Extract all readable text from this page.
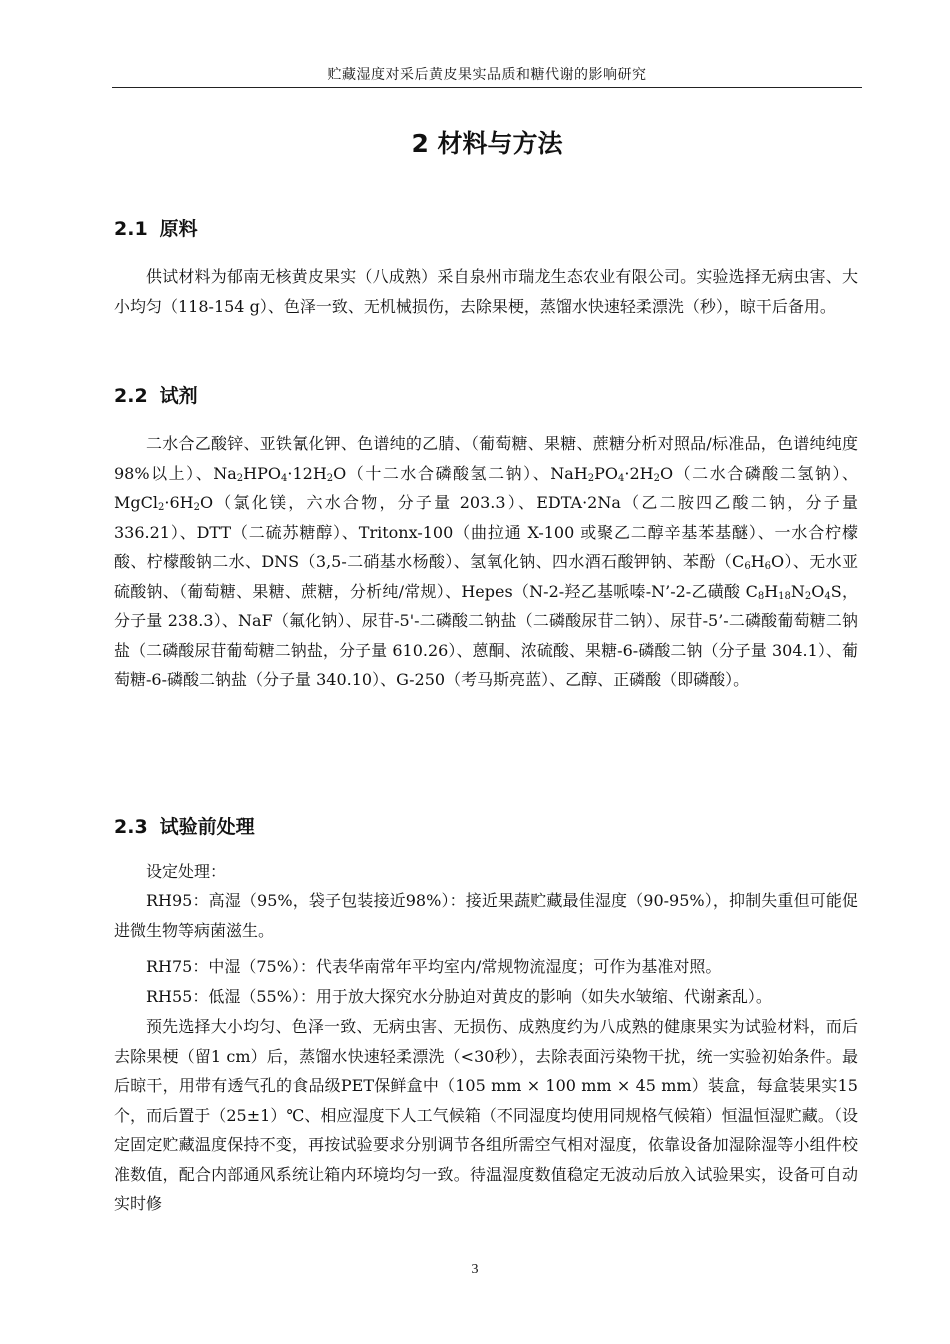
贮藏湿度对采后黄皮果实品质和糖代谢的影响研究
2 材料与方法
2.1 原料
供试材料为郁南无核黄皮果实（八成熟）采自泉州市瑞龙生态农业有限公司。实验选择无病虫害、大小均匀（118-154 g）、色泽一致、无机械损伤，去除果梗，蒸馏水快速轻柔漂洗（秒），晾干后备用。
2.2 试剂
二水合乙酸锌、亚铁氰化钾、色谱纯的乙腈、（葡萄糖、果糖、蔗糖分析对照品/标准品，色谱纯纯度 98%以上）、$Na_2HPO_4\cdot 12H_2O$（十二水合磷酸氢二钠）、$NaH_2PO_4\cdot 2H_2O$（二水合磷酸二氢钠）、$MgCl_2\cdot 6H_2O$（氯化镁，六水合物，分子量 203.3）、EDTA·2Na（乙二胺四乙酸二钠，分子量 336.21）、DTT（二硫苏糖醇）、Tritonx-100（曲拉通 X-100 或聚乙二醇辛基苯基醚）、一水合柠檬酸、柠檬酸钠二水、DNS（3,5-二硝基水杨酸）、氢氧化钠、四水酒石酸钾钠、苯酚$(C_6H_6O)$、无水亚硫酸钠、（葡萄糖、果糖、蔗糖，分析纯/常规）、Hepes（N-2-羟乙基哌嗪-N’-2-乙磺酸 $C_8H_{18}N_2O_4S$，分子量 238.3）、NaF（氟化钠）、尿苷-5'-二磷酸二钠盐（二磷酸尿苷二钠）、尿苷-5’-二磷酸葡萄糖二钠盐（二磷酸尿苷葡萄糖二钠盐，分子量 610.26）、蒽酮、浓硫酸、果糖-6-磷酸二钠（分子量 304.1）、葡萄糖-6-磷酸二钠盐（分子量 340.10）、G-250（考马斯亮蓝）、乙醇、正磷酸（即磷酸）。
2.3 试验前处理
设定处理：
RH95：高湿（95%，袋子包装接近98%）：接近果蔬贮藏最佳湿度（90-95%），抑制失重但可能促进微生物等病菌滋生。
RH75：中湿（75%）：代表华南常年平均室内/常规物流湿度；可作为基准对照。
RH55：低湿（55%）：用于放大探究水分胁迫对黄皮的影响（如失水皱缩、代谢紊乱）。
预先选择大小均匀、色泽一致、无病虫害、无损伤、成熟度约为八成熟的健康果实为试验材料，而后去除果梗（留1 cm）后，蒸馏水快速轻柔漂洗（<30秒），去除表面污染物干扰，统一实验初始条件。最后晾干，用带有透气孔的食品级PET保鲜盒中（105 mm × 100 mm × 45 mm）装盒，每盒装果实15个，而后置于（25±1）℃、相应湿度下人工气候箱（不同湿度均使用同规格气候箱）恒温恒湿贮藏。（设定固定贮藏温度保持不变，再按试验要求分别调节各组所需空气相对湿度，依靠设备加湿除湿等小组件校准数值，配合内部通风系统让箱内环境均匀一致。待温湿度数值稳定无波动后放入试验果实，设备可自动实时修
3
